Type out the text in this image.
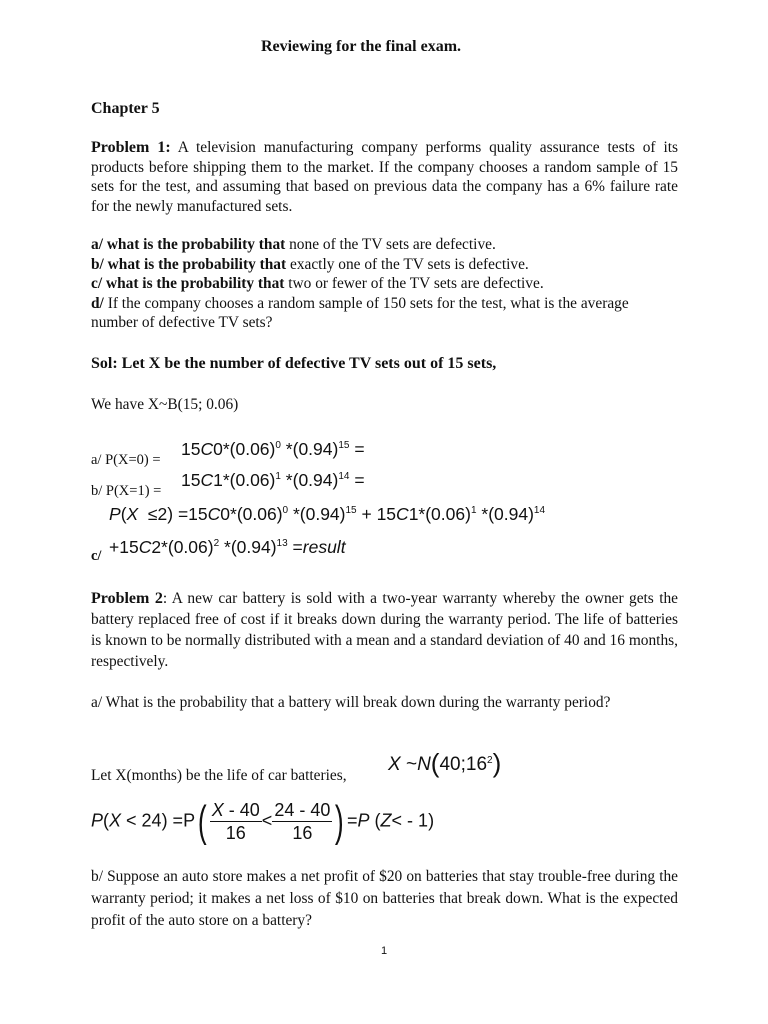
Reviewing for the final exam.
Chapter 5
Problem 1: A television manufacturing company performs quality assurance tests of its products before shipping them to the market. If the company chooses a random sample of 15 sets for the test, and assuming that based on previous data the company has a 6% failure rate for the newly manufactured sets.
a/ what is the probability that none of the TV sets are defective.
b/ what is the probability that exactly one of the TV sets is defective.
c/ what is the probability that two or fewer of the TV sets are defective.
d/ If the company chooses a random sample of 150 sets for the test, what is the average number of defective TV sets?
Sol: Let X be the number of defective TV sets out of 15 sets,
We have X~B(15; 0.06)
a/ P(X=0) =
$15C0*(0.06)^0$ $*(0.94)^{15}$ =
b/ P(X=1) =
$15C1*(0.06)^1$ $*(0.94)^{14}$ =
$P(X \le 2) =15C0*(0.06)^0$ $*(0.94)^{15} + 15C1*(0.06)^1$ $*(0.94)^{14}$
$c/ +15C2*(0.06)^2$ $*(0.94)^{13}$ =result
Problem 2: A new car battery is sold with a two-year warranty whereby the owner gets the battery replaced free of cost if it breaks down during the warranty period. The life of batteries is known to be normally distributed with a mean and a standard deviation of 40 and 16 months, respectively.
a/ What is the probability that a battery will break down during the warranty period?
Let X(months) be the life of car batteries,
X $\sim N(40;16^2)$
$P(X < 24) =P( \frac{X - 40}{16} < \frac{24 - 40}{16}$ ) =P (Z< - 1)
b/ Suppose an auto store makes a net profit of $20 on batteries that stay trouble-free during the warranty period; it makes a net loss of $10 on batteries that break down. What is the expected profit of the auto store on a battery?
1
